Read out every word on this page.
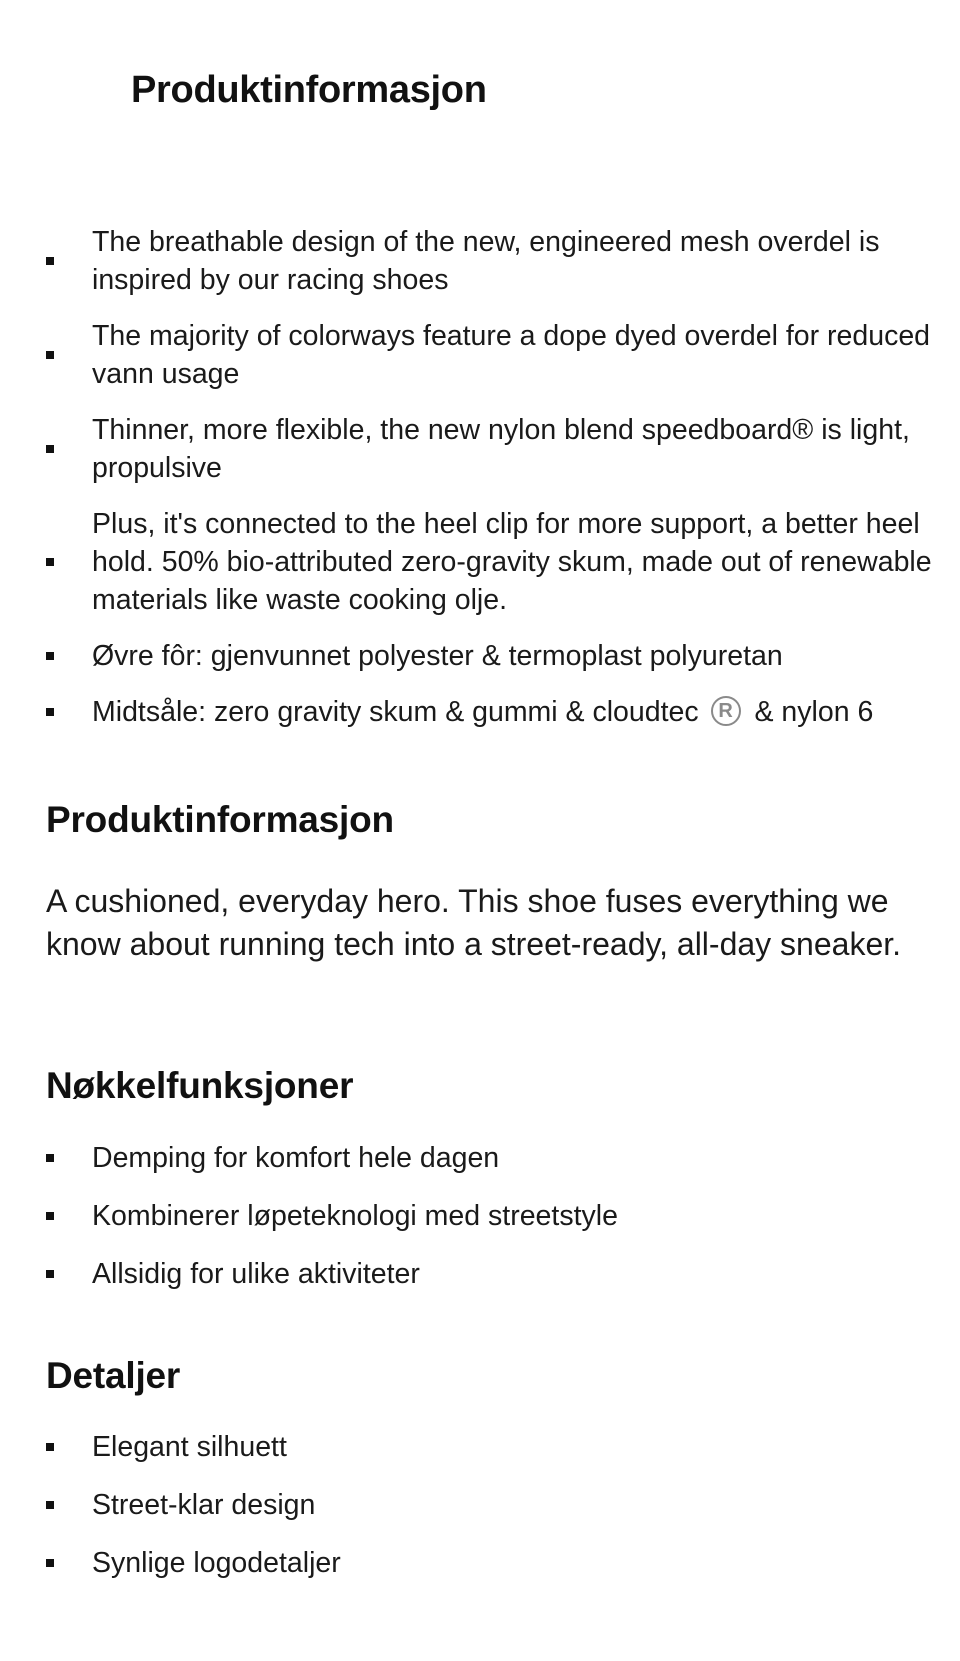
Produktinformasjon
The breathable design of the new, engineered mesh overdel is inspired by our racing shoes
The majority of colorways feature a dope dyed overdel for reduced vann usage
Thinner, more flexible, the new nylon blend speedboard® is light, propulsive
Plus, it's connected to the heel clip for more support, a better heel hold. 50% bio-attributed zero-gravity skum, made out of renewable materials like waste cooking olje.
Øvre fôr: gjenvunnet polyester & termoplast polyuretan
Midtsåle: zero gravity skum & gummi & cloudtec R & nylon 6
Produktinformasjon

A cushioned, everyday hero. This shoe fuses everything we know about running tech into a street-ready, all-day sneaker.

Nøkkelfunksjoner
Demping for komfort hele dagen
Kombinerer løpeteknologi med streetstyle
Allsidig for ulike aktiviteter
Detaljer
Elegant silhuett
Street-klar design
Synlige logodetaljer
